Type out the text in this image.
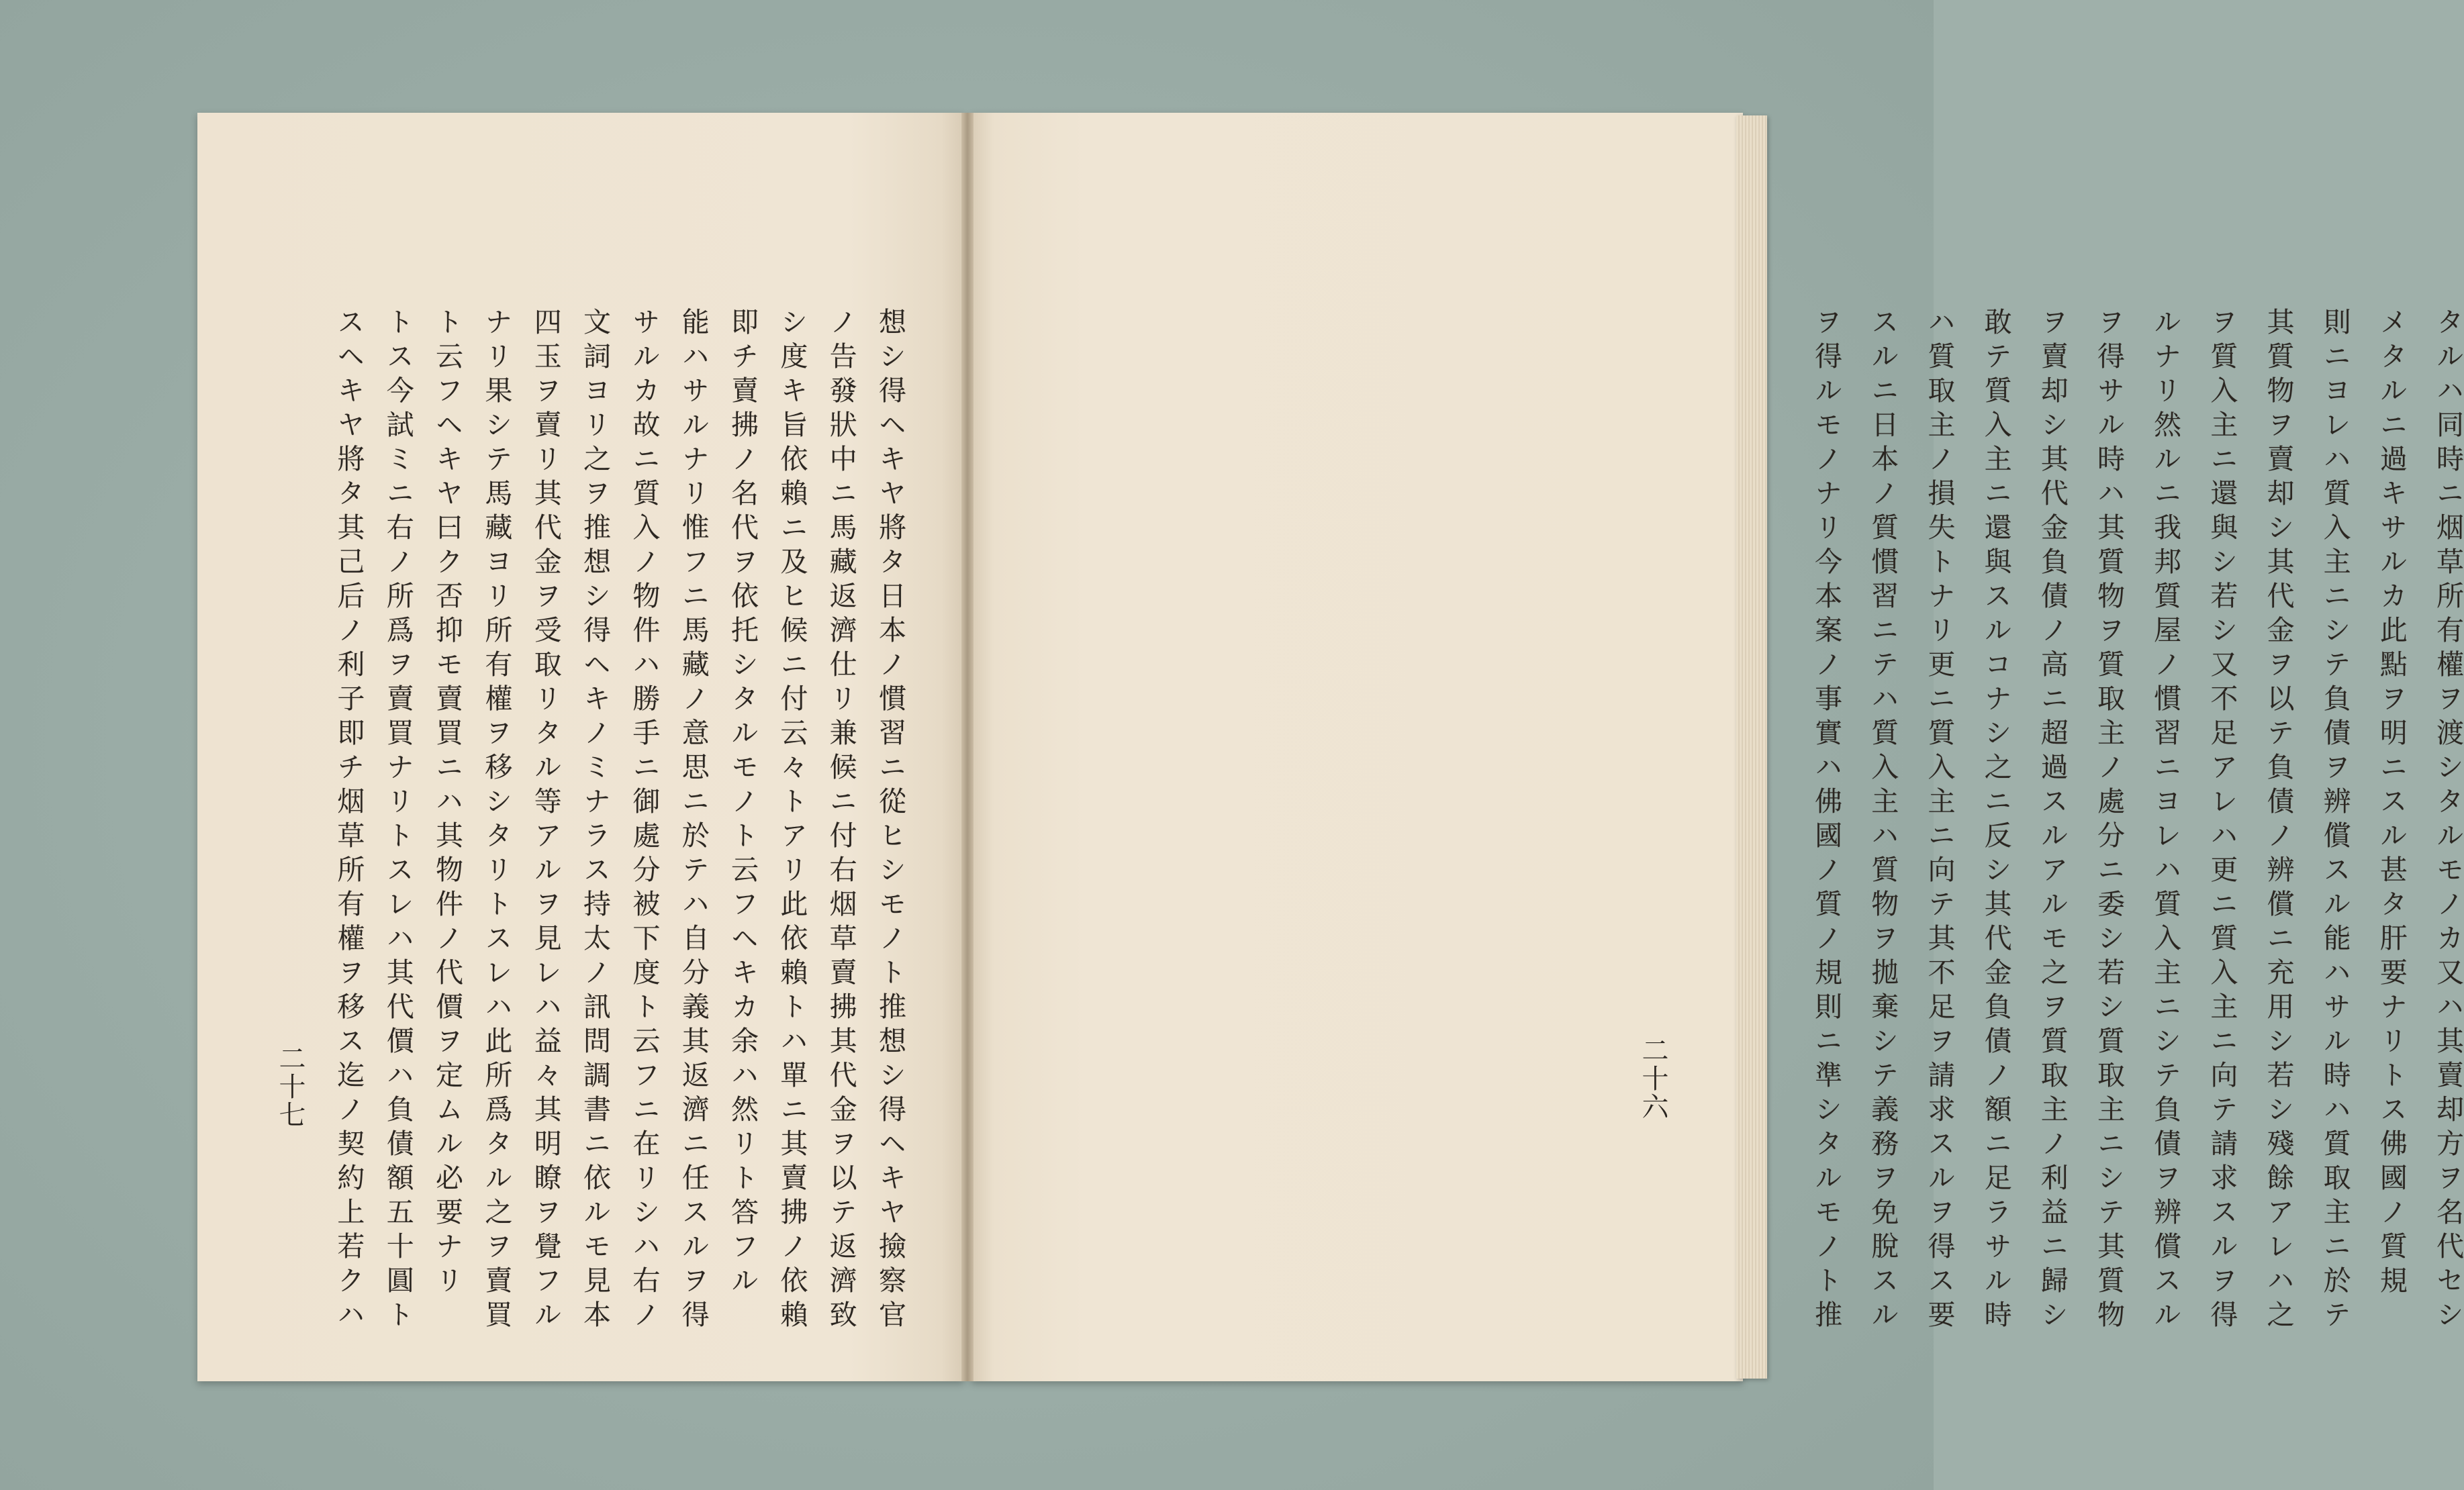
想シ得ヘキヤ將タ日本ノ慣習ニ從ヒシモノト推想シ得ヘキヤ撿察官
ノ告發狀中ニ馬藏返濟仕リ兼候ニ付右烟草賣拂其代金ヲ以テ返濟致
シ度キ旨依賴ニ及ヒ候ニ付云々トアリ此依賴トハ單ニ其賣拂ノ依賴
即チ賣拂ノ名代ヲ依托シタルモノト云フヘキカ余ハ然リト答フル
能ハサルナリ惟フニ馬藏ノ意思ニ於テハ自分義其返濟ニ任スルヲ得
サルカ故ニ質入ノ物件ハ勝手ニ御處分被下度ト云フニ在リシハ右ノ
文詞ヨリ之ヲ推想シ得ヘキノミナラス持太ノ訊問調書ニ依ルモ見本
四玉ヲ賣リ其代金ヲ受取リタル等アルヲ見レハ益々其明瞭ヲ覺フル
ナリ果シテ馬藏ヨリ所有權ヲ移シタリトスレハ此所爲タル之ヲ賣買
ト云フヘキヤ曰ク否抑モ賣買ニハ其物件ノ代價ヲ定ムル必要ナリ
トス今試ミニ右ノ所爲ヲ賣買ナリトスレハ其代價ハ負債額五十圓ト
スヘキヤ將タ其己后ノ利子即チ烟草所有權ヲ移ス迄ノ契約上若クハ	タルハ同時ニ烟草所有權ヲ渡シタルモノカ又ハ其賣却方ヲ名代セシ
メタルニ過キサルカ此點ヲ明ニスル甚タ肝要ナリトス佛國ノ質規
則ニヨレハ質入主ニシテ負債ヲ辨償スル能ハサル時ハ質取主ニ於テ
其質物ヲ賣却シ其代金ヲ以テ負債ノ辨償ニ充用シ若シ殘餘アレハ之
ヲ質入主ニ還與シ若シ又不足アレハ更ニ質入主ニ向テ請求スルヲ得
ルナリ然ルニ我邦質屋ノ慣習ニヨレハ質入主ニシテ負債ヲ辨償スル
ヲ得サル時ハ其質物ヲ質取主ノ處分ニ委シ若シ質取主ニシテ其質物
ヲ賣却シ其代金負債ノ高ニ超過スルアルモ之ヲ質取主ノ利益ニ歸シ
敢テ質入主ニ還與スルコナシ之ニ反シ其代金負債ノ額ニ足ラサル時
ハ質取主ノ損失トナリ更ニ質入主ニ向テ其不足ヲ請求スルヲ得ス要
スルニ日本ノ質慣習ニテハ質入主ハ質物ヲ拋棄シテ義務ヲ免脫スル
ヲ得ルモノナリ今本案ノ事實ハ佛國ノ質ノ規則ニ準シタルモノト推
二十七	二十六
